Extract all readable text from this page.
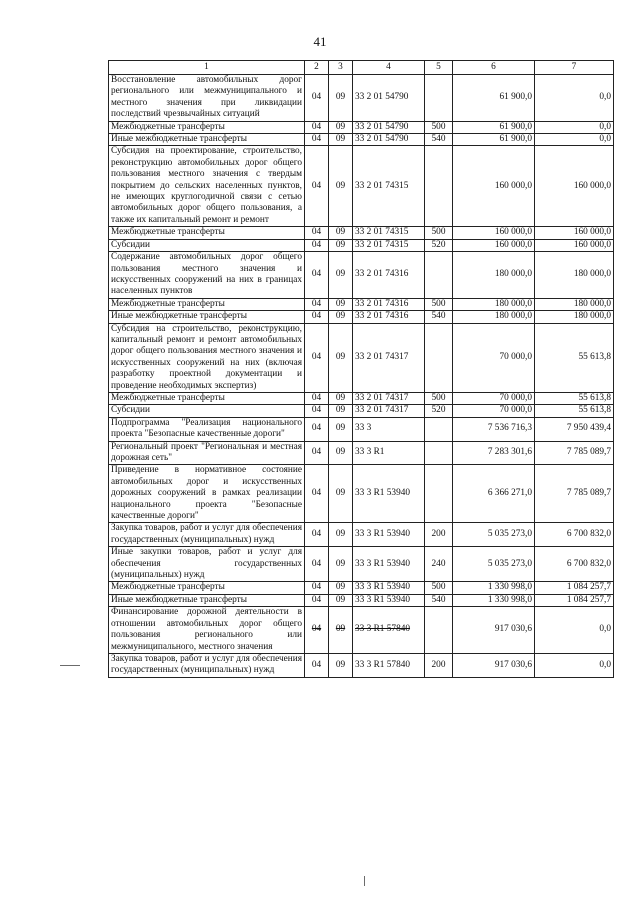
41
1	2	3	4	5	6	7
Восстановление автомобильных дорог регионального или межмуниципального и местного значения при ликвидации последствий чрезвычайных ситуаций	04	09	33 2 01 54790		61 900,0	0,0
Межбюджетные трансферты	04	09	33 2 01 54790	500	61 900,0	0,0
Иные межбюджетные трансферты	04	09	33 2 01 54790	540	61 900,0	0,0
Субсидия на проектирование, строительство, реконструкцию автомобильных дорог общего пользования местного значения с твердым покрытием до сельских населенных пунктов, не имеющих круглогодичной связи с сетью автомобильных дорог общего пользования, а также их капитальный ремонт и ремонт	04	09	33 2 01 74315		160 000,0	160 000,0
Межбюджетные трансферты	04	09	33 2 01 74315	500	160 000,0	160 000,0
Субсидии	04	09	33 2 01 74315	520	160 000,0	160 000,0
Содержание автомобильных дорог общего пользования местного значения и искусственных сооружений на них в границах населенных пунктов	04	09	33 2 01 74316		180 000,0	180 000,0
Межбюджетные трансферты	04	09	33 2 01 74316	500	180 000,0	180 000,0
Иные межбюджетные трансферты	04	09	33 2 01 74316	540	180 000,0	180 000,0
Субсидия на строительство, реконструкцию, капитальный ремонт и ремонт автомобильных дорог общего пользования местного значения и искусственных сооружений на них (включая разработку проектной документации и проведение необходимых экспертиз)	04	09	33 2 01 74317		70 000,0	55 613,8
Межбюджетные трансферты	04	09	33 2 01 74317	500	70 000,0	55 613,8
Субсидии	04	09	33 2 01 74317	520	70 000,0	55 613,8
Подпрограмма "Реализация национального проекта "Безопасные качественные дороги"	04	09	33 3		7 536 716,3	7 950 439,4
Региональный проект "Региональная и местная дорожная сеть"	04	09	33 3 R1		7 283 301,6	7 785 089,7
Приведение в нормативное состояние автомобильных дорог и искусственных дорожных сооружений в рамках реализации национального проекта "Безопасные качественные дороги"	04	09	33 3 R1 53940		6 366 271,0	7 785 089,7
Закупка товаров, работ и услуг для обеспечения государственных (муниципальных) нужд	04	09	33 3 R1 53940	200	5 035 273,0	6 700 832,0
Иные закупки товаров, работ и услуг для обеспечения государственных (муниципальных) нужд	04	09	33 3 R1 53940	240	5 035 273,0	6 700 832,0
Межбюджетные трансферты	04	09	33 3 R1 53940	500	1 330 998,0	1 084 257,7
Иные межбюджетные трансферты	04	09	33 3 R1 53940	540	1 330 998,0	1 084 257,7
Финансирование дорожной деятельности в отношении автомобильных дорог общего пользования регионального или межмуниципального, местного значения	04	09	33 3 R1 57840		917 030,6	0,0
Закупка товаров, работ и услуг для обеспечения государственных (муниципальных) нужд	04	09	33 3 R1 57840	200	917 030,6	0,0
